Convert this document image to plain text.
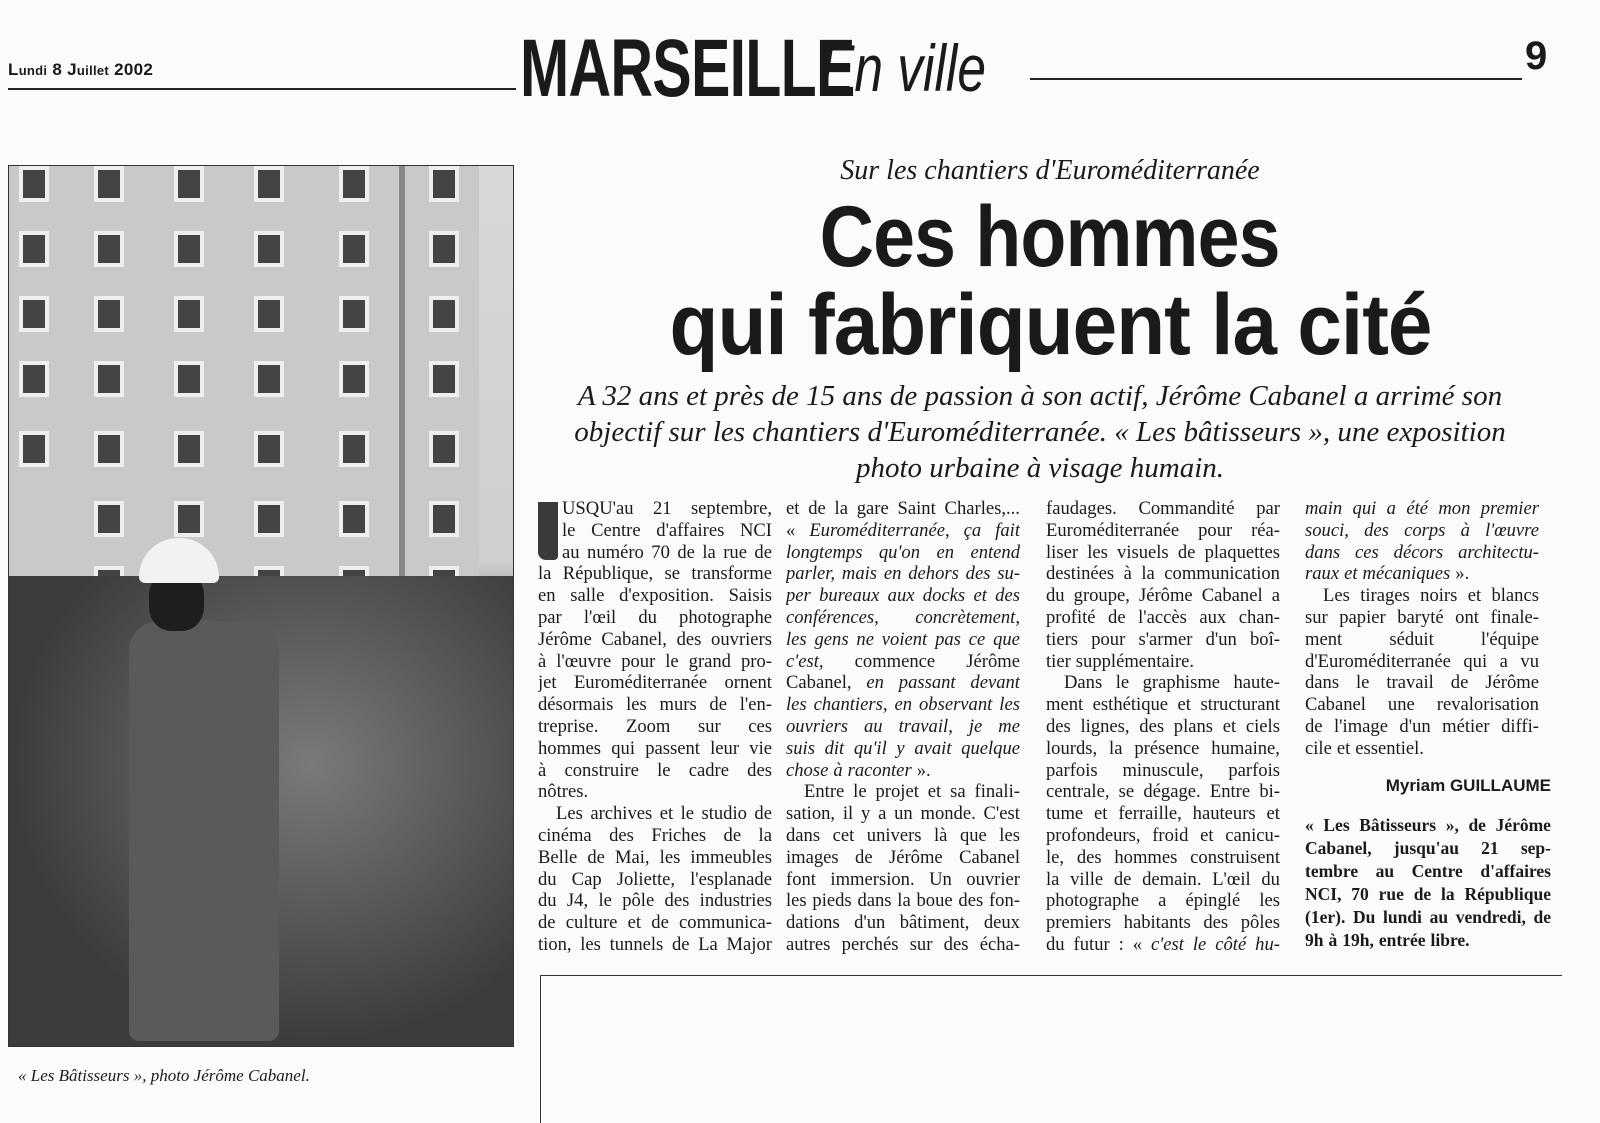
Lundi 8 Juillet 2002	MARSEILLE
En ville	9
« Les Bâtisseurs », photo Jérôme Cabanel.
Sur les chantiers d'Euroméditerranée
Ces hommes
qui fabriquent la cité
A 32 ans et près de 15 ans de passion à son actif, Jérôme Cabanel a arrimé son
objectif sur les chantiers d'Euroméditerranée. « Les bâtisseurs », une exposition
photo urbaine à visage humain.
USQU'au 21 septembre,
le Centre d'affaires NCI
au numéro 70 de la rue de
la République, se transforme
en salle d'exposition. Saisis
par l'œil du photographe
Jérôme Cabanel, des ouvriers
à l'œuvre pour le grand pro-
jet Euroméditerranée ornent
désormais les murs de l'en-
treprise. Zoom sur ces
hommes qui passent leur vie
à construire le cadre des
nôtres.
Les archives et le studio de
cinéma des Friches de la
Belle de Mai, les immeubles
du Cap Joliette, l'esplanade
du J4, le pôle des industries
de culture et de communica-
tion, les tunnels de La Major
et de la gare Saint Charles,...
« Euroméditerranée, ça fait
longtemps qu'on en entend
parler, mais en dehors des su-
per bureaux aux docks et des
conférences, concrètement,
les gens ne voient pas ce que
c'est, commence Jérôme
Cabanel, en passant devant
les chantiers, en observant les
ouvriers au travail, je me
suis dit qu'il y avait quelque
chose à raconter ».
Entre le projet et sa finali-
sation, il y a un monde. C'est
dans cet univers là que les
images de Jérôme Cabanel
font immersion. Un ouvrier
les pieds dans la boue des fon-
dations d'un bâtiment, deux
autres perchés sur des écha-
faudages. Commandité par
Euroméditerranée pour réa-
liser les visuels de plaquettes
destinées à la communication
du groupe, Jérôme Cabanel a
profité de l'accès aux chan-
tiers pour s'armer d'un boî-
tier supplémentaire.
Dans le graphisme haute-
ment esthétique et structurant
des lignes, des plans et ciels
lourds, la présence humaine,
parfois minuscule, parfois
centrale, se dégage. Entre bi-
tume et ferraille, hauteurs et
profondeurs, froid et canicu-
le, des hommes construisent
la ville de demain. L'œil du
photographe a épinglé les
premiers habitants des pôles
du futur : « c'est le côté hu-
main qui a été mon premier
souci, des corps à l'œuvre
dans ces décors architectu-
raux et mécaniques ».
Les tirages noirs et blancs
sur papier baryté ont finale-
ment	séduit	l'équipe
d'Euroméditerranée qui a vu
dans le travail de Jérôme
Cabanel une revalorisation
de l'image d'un métier diffi-
cile et essentiel.
Myriam GUILLAUME
« Les Bâtisseurs », de Jérôme
Cabanel, jusqu'au 21 sep-
tembre au Centre d'affaires
NCI, 70 rue de la République
(1er). Du lundi au vendredi, de
9h à 19h, entrée libre.
